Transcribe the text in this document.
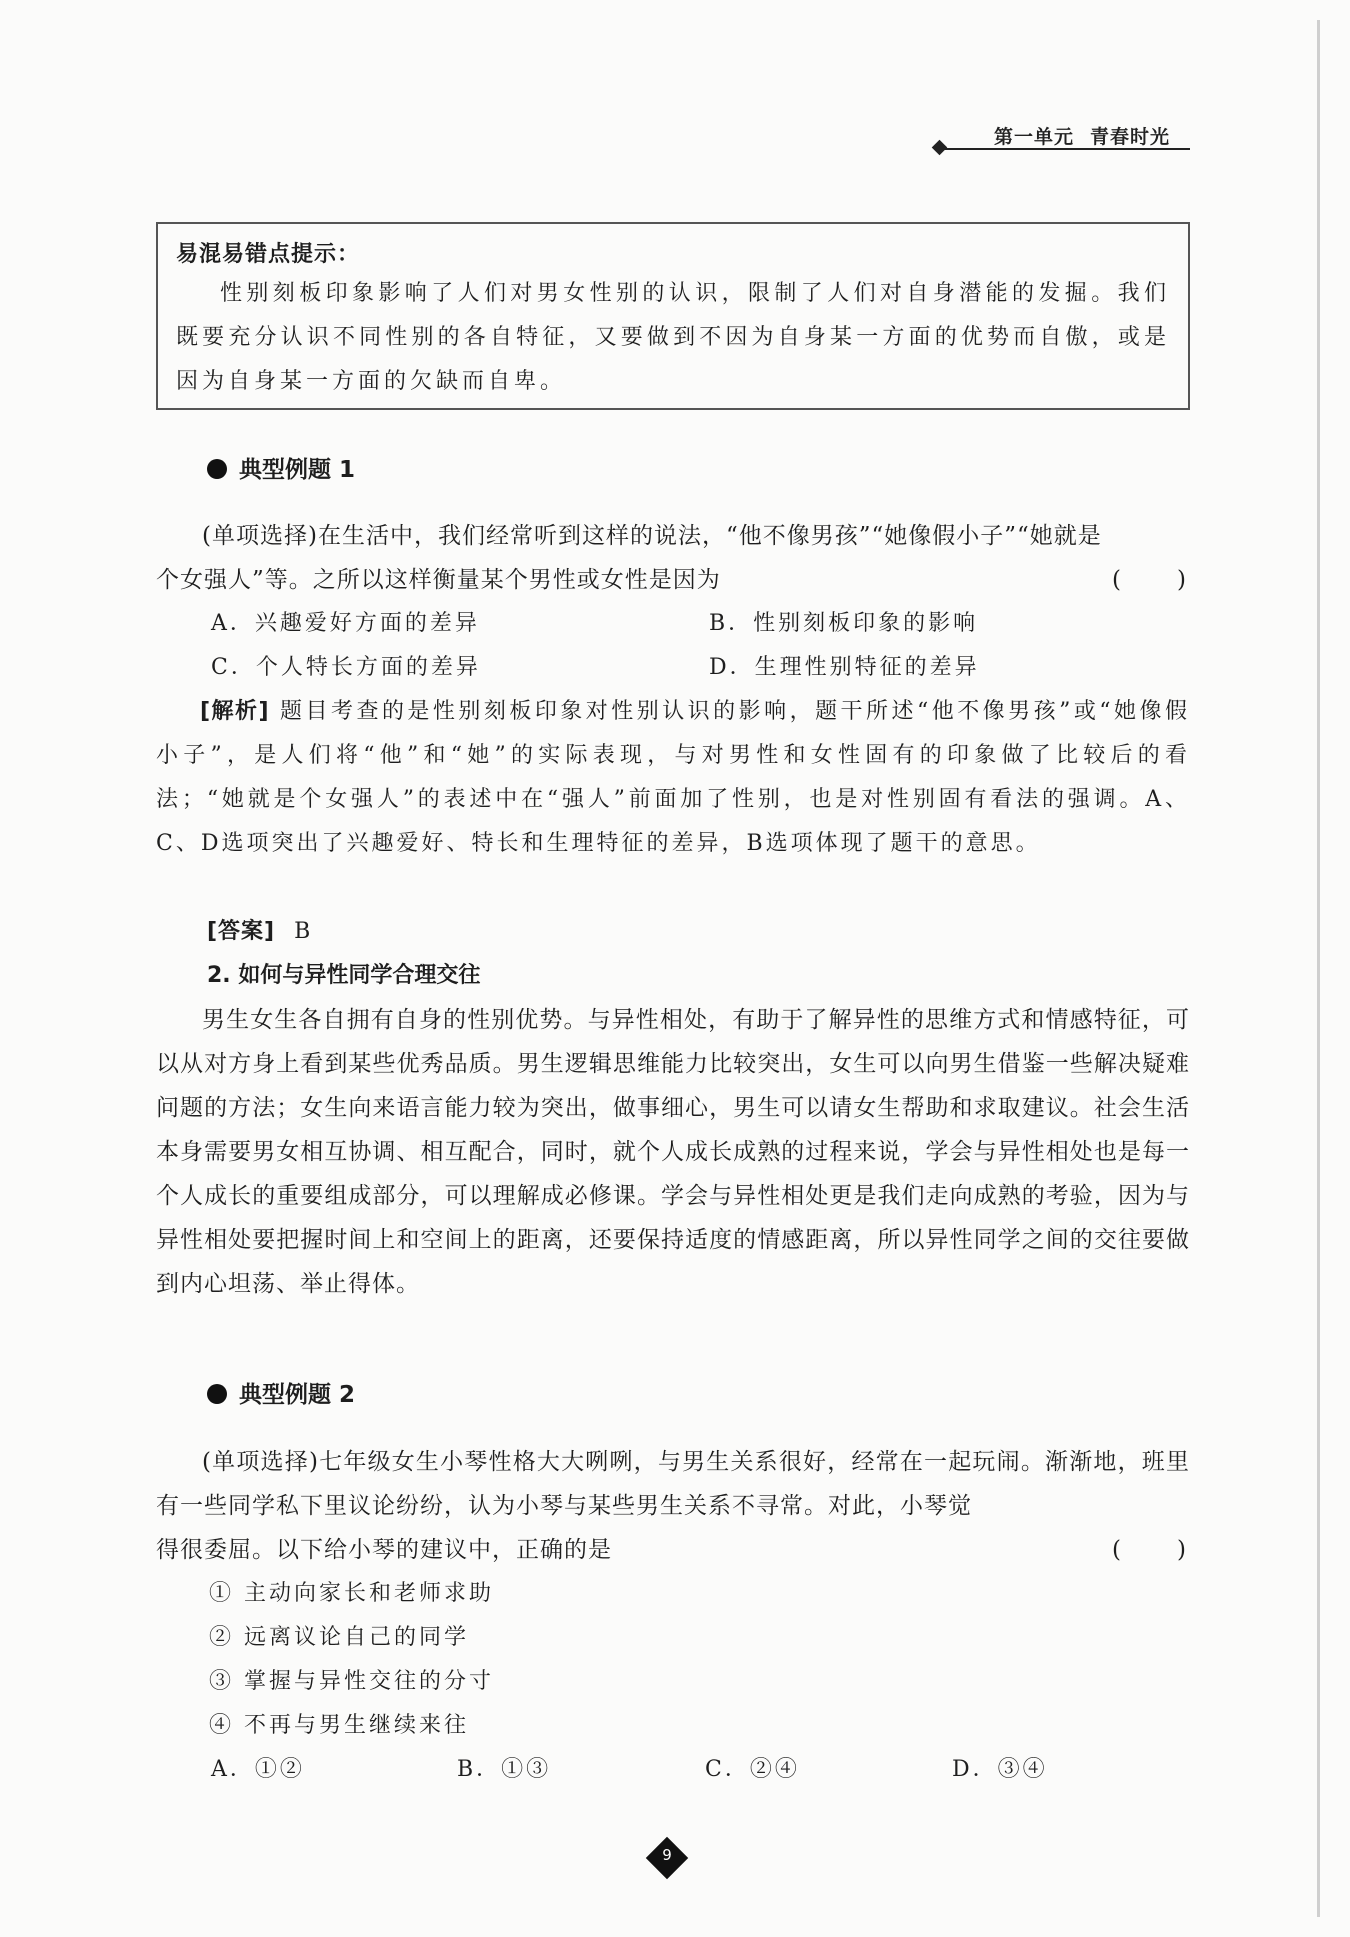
第一单元 青春时光
易混易错点提示：
性别刻板印象影响了人们对男女性别的认识，限制了人们对自身潜能的发掘。我们既要充分认识不同性别的各自特征，又要做到不因为自身某一方面的优势而自傲，或是因为自身某一方面的欠缺而自卑。
典型例题 1
(单项选择)在生活中，我们经常听到这样的说法，“他不像男孩”“她像假小子”“她就是
个女强人”等。之所以这样衡量某个男性或女性是因为	( )
A．兴趣爱好方面的差异	B．性别刻板印象的影响
C．个人特长方面的差异	D．生理性别特征的差异
[解析] 题目考查的是性别刻板印象对性别认识的影响，题干所述“他不像男孩”或“她像假小子”，是人们将“他”和“她”的实际表现，与对男性和女性固有的印象做了比较后的看法；“她就是个女强人”的表述中在“强人”前面加了性别，也是对性别固有看法的强调。A、C、D选项突出了兴趣爱好、特长和生理特征的差异，B选项体现了题干的意思。
[答案] B
2. 如何与异性同学合理交往
男生女生各自拥有自身的性别优势。与异性相处，有助于了解异性的思维方式和情感特征，可以从对方身上看到某些优秀品质。男生逻辑思维能力比较突出，女生可以向男生借鉴一些解决疑难问题的方法；女生向来语言能力较为突出，做事细心，男生可以请女生帮助和求取建议。社会生活本身需要男女相互协调、相互配合，同时，就个人成长成熟的过程来说，学会与异性相处也是每一个人成长的重要组成部分，可以理解成必修课。学会与异性相处更是我们走向成熟的考验，因为与异性相处要把握时间上和空间上的距离，还要保持适度的情感距离，所以异性同学之间的交往要做到内心坦荡、举止得体。
典型例题 2
(单项选择)七年级女生小琴性格大大咧咧，与男生关系很好，经常在一起玩闹。渐渐地，班里有一些同学私下里议论纷纷，认为小琴与某些男生关系不寻常。对此，小琴觉
得很委屈。以下给小琴的建议中，正确的是	( )
① 主动向家长和老师求助
② 远离议论自己的同学
③ 掌握与异性交往的分寸
④ 不再与男生继续来往
A．①②	B．①③	C．②④	D．③④
9
